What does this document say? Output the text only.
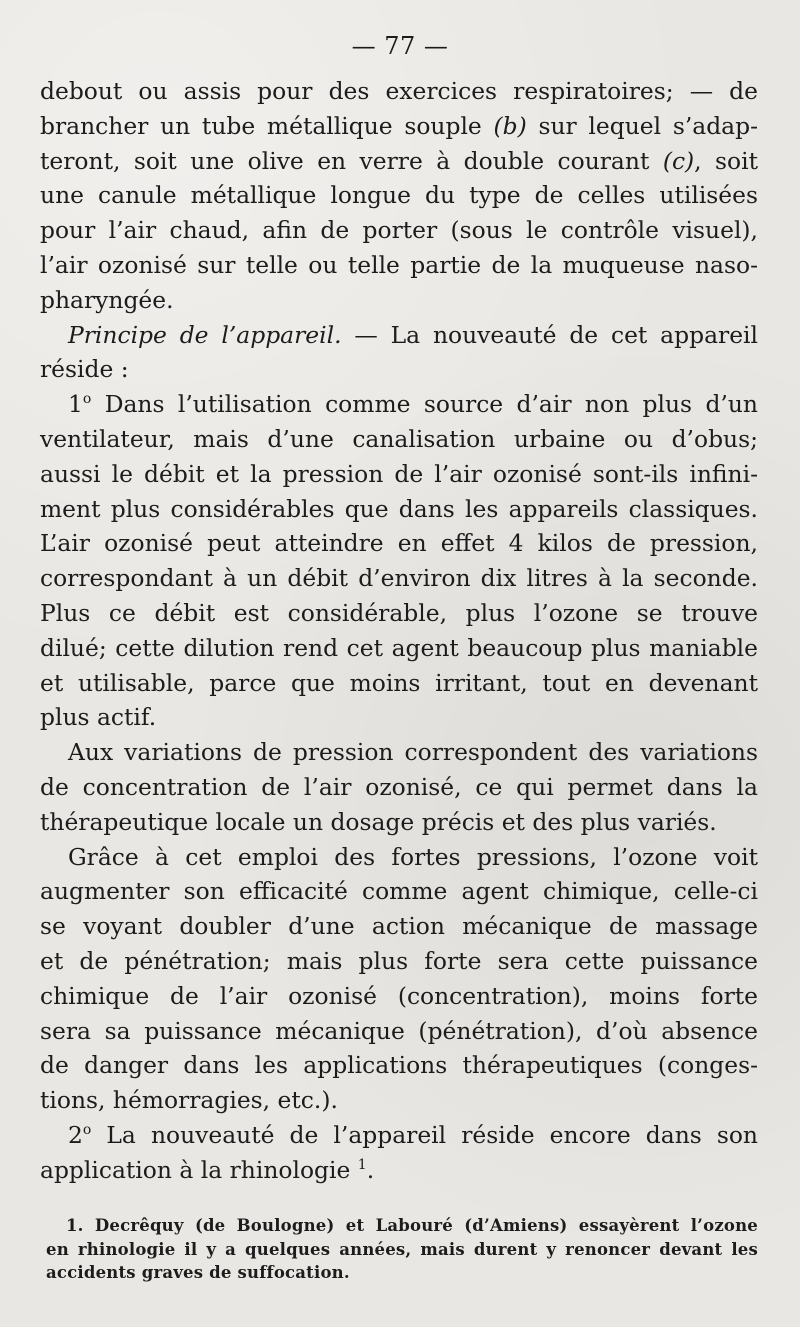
— 77 —
debout ou assis pour des exercices respiratoires; — de
brancher un tube métallique souple (b) sur lequel s’adap-
teront, soit une olive en verre à double courant (c), soit
une canule métallique longue du type de celles utilisées
pour l’air chaud, afin de porter (sous le contrôle visuel),
l’air ozonisé sur telle ou telle partie de la muqueuse naso-
pharyngée.
Principe de l’appareil. — La nouveauté de cet appareil
réside :
1$^o$ Dans l’utilisation comme source d’air non plus d’un
ventilateur, mais d’une canalisation urbaine ou d’obus;
aussi le débit et la pression de l’air ozonisé sont-ils infini-
ment plus considérables que dans les appareils classiques.
L’air ozonisé peut atteindre en effet 4 kilos de pression,
correspondant à un débit d’environ dix litres à la seconde.
Plus ce débit est considérable, plus l’ozone se trouve
dilué; cette dilution rend cet agent beaucoup plus maniable
et utilisable, parce que moins irritant, tout en devenant
plus actif.
Aux variations de pression correspondent des variations
de concentration de l’air ozonisé, ce qui permet dans la
thérapeutique locale un dosage précis et des plus variés.
Grâce à cet emploi des fortes pressions, l’ozone voit
augmenter son efficacité comme agent chimique, celle-ci
se voyant doubler d’une action mécanique de massage
et de pénétration; mais plus forte sera cette puissance
chimique de l’air ozonisé (concentration), moins forte
sera sa puissance mécanique (pénétration), d’où absence
de danger dans les applications thérapeutiques (conges-
tions, hémorragies, etc.).
2$^o$ La nouveauté de l’appareil réside encore dans son
application à la rhinologie $^1$.
1. Decrêquy (de Boulogne) et Labouré (d’Amiens) essayèrent l’ozone
en rhinologie il y a quelques années, mais durent y renoncer devant les
accidents graves de suffocation.
